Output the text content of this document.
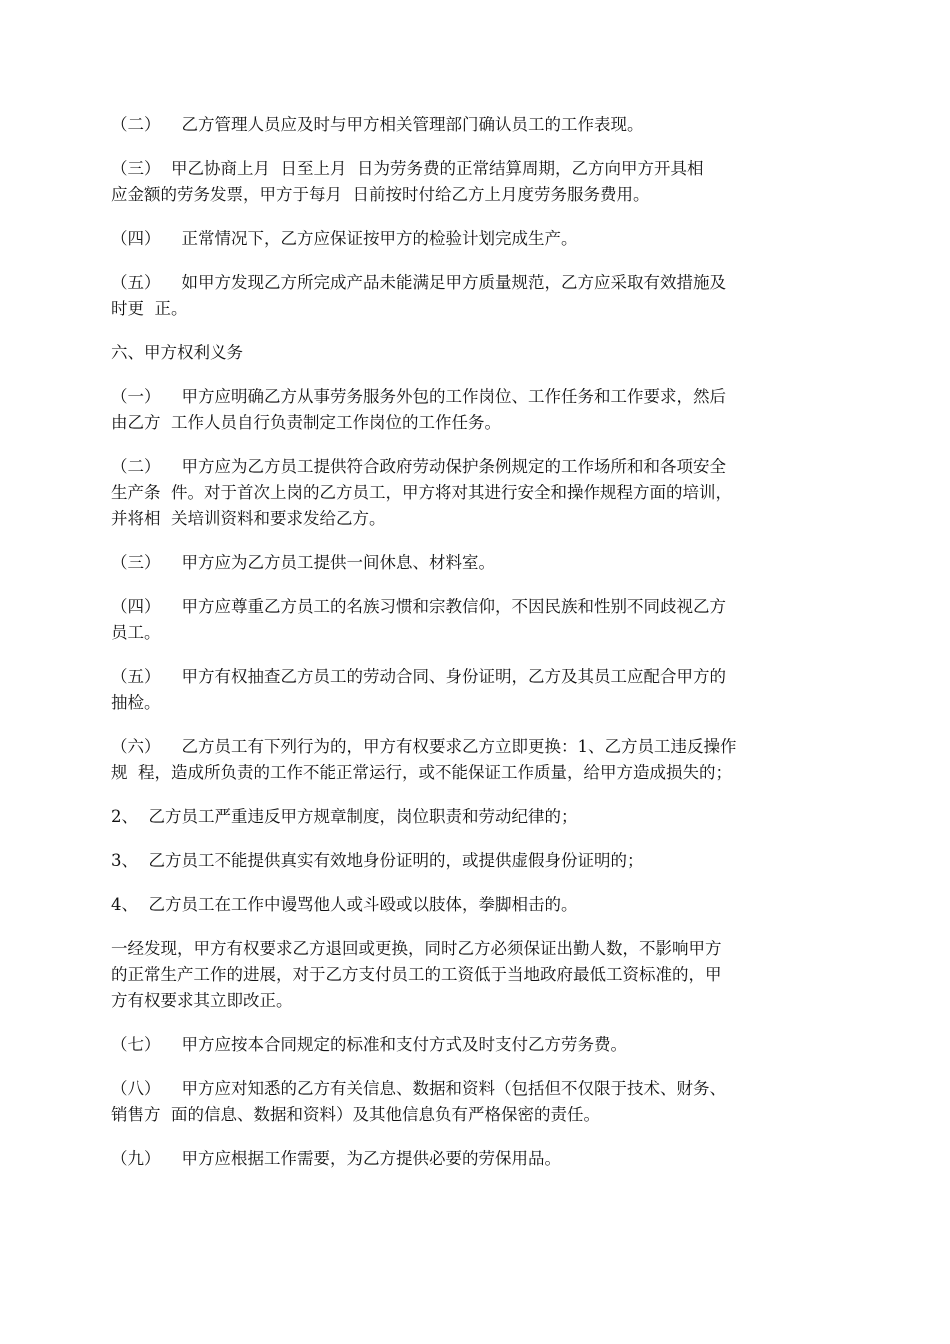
（二）    乙方管理人员应及时与甲方相关管理部门确认员工的工作表现。

（三）  甲乙协商上月  日至上月  日为劳务费的正常结算周期，乙方向甲方开具相
应金额的劳务发票，甲方于每月  日前按时付给乙方上月度劳务服务费用。

（四）    正常情况下，乙方应保证按甲方的检验计划完成生产。

（五）    如甲方发现乙方所完成产品未能满足甲方质量规范，乙方应采取有效措施及
时更  正。

六、甲方权利义务

（一）    甲方应明确乙方从事劳务服务外包的工作岗位、工作任务和工作要求，然后
由乙方  工作人员自行负责制定工作岗位的工作任务。

（二）    甲方应为乙方员工提供符合政府劳动保护条例规定的工作场所和和各项安全
生产条  件。对于首次上岗的乙方员工，甲方将对其进行安全和操作规程方面的培训，
并将相  关培训资料和要求发给乙方。

（三）    甲方应为乙方员工提供一间休息、材料室。

（四）    甲方应尊重乙方员工的名族习惯和宗教信仰，不因民族和性别不同歧视乙方
员工。

（五）    甲方有权抽查乙方员工的劳动合同、身份证明，乙方及其员工应配合甲方的
抽检。

（六）    乙方员工有下列行为的，甲方有权要求乙方立即更换：1、乙方员工违反操作
规  程，造成所负责的工作不能正常运行，或不能保证工作质量，给甲方造成损失的；

2、  乙方员工严重违反甲方规章制度，岗位职责和劳动纪律的；

3、  乙方员工不能提供真实有效地身份证明的，或提供虚假身份证明的；

4、  乙方员工在工作中谩骂他人或斗殴或以肢体，拳脚相击的。

一经发现，甲方有权要求乙方退回或更换，同时乙方必须保证出勤人数，不影响甲方
的正常生产工作的进展，对于乙方支付员工的工资低于当地政府最低工资标准的，甲
方有权要求其立即改正。

（七）    甲方应按本合同规定的标准和支付方式及时支付乙方劳务费。

（八）    甲方应对知悉的乙方有关信息、数据和资料（包括但不仅限于技术、财务、
销售方  面的信息、数据和资料）及其他信息负有严格保密的责任。

（九）    甲方应根据工作需要，为乙方提供必要的劳保用品。
